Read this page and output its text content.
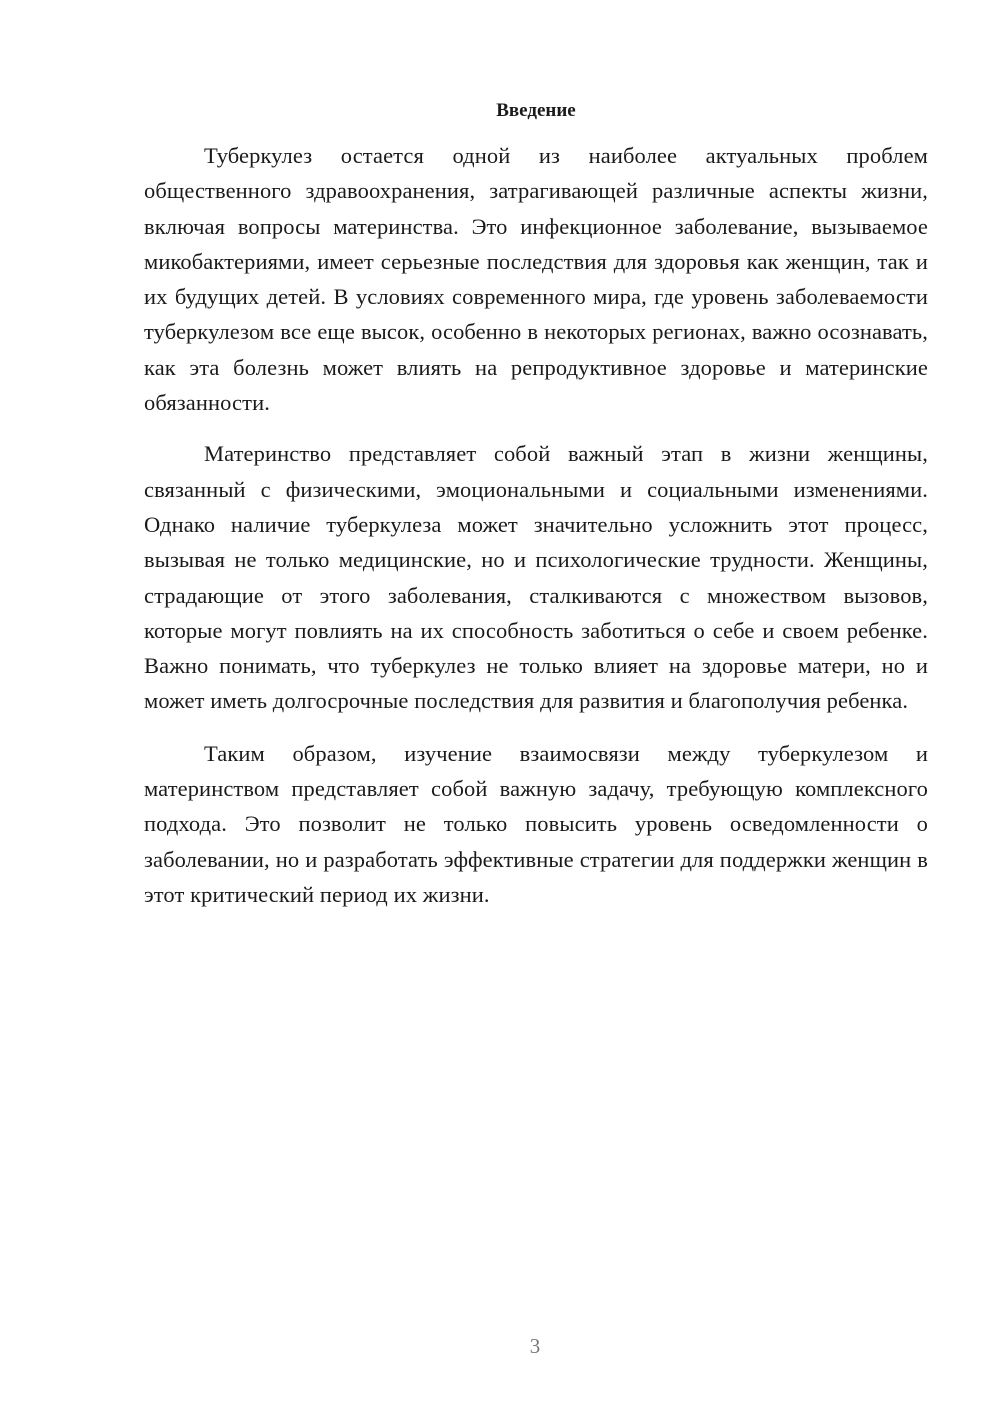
Введение

Туберкулез остается одной из наиболее актуальных проблем общественного здравоохранения, затрагивающей различные аспекты жизни, включая вопросы материнства. Это инфекционное заболевание, вызываемое микобактериями, имеет серьезные последствия для здоровья как женщин, так и их будущих детей. В условиях современного мира, где уровень заболеваемости туберкулезом все еще высок, особенно в некоторых регионах, важно осознавать, как эта болезнь может влиять на репродуктивное здоровье и материнские обязанности.

Материнство представляет собой важный этап в жизни женщины, связанный с физическими, эмоциональными и социальными изменениями. Однако наличие туберкулеза может значительно усложнить этот процесс, вызывая не только медицинские, но и психологические трудности. Женщины, страдающие от этого заболевания, сталкиваются с множеством вызовов, которые могут повлиять на их способность заботиться о себе и своем ребенке. Важно понимать, что туберкулез не только влияет на здоровье матери, но и может иметь долгосрочные последствия для развития и благополучия ребенка.

Таким образом, изучение взаимосвязи между туберкулезом и материнством представляет собой важную задачу, требующую комплексного подхода. Это позволит не только повысить уровень осведомленности о заболевании, но и разработать эффективные стратегии для поддержки женщин в этот критический период их жизни.

3
